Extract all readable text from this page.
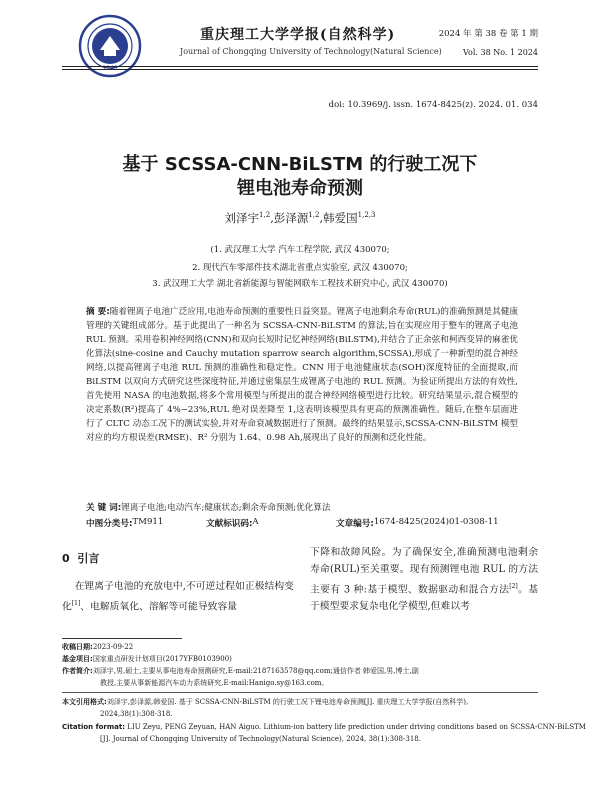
1940
重庆理工大学学报(自然科学)
Journal of Chongqing University of Technology(Natural Science)
2024 年 第 38 卷 第 1 期
Vol. 38 No. 1 2024
doi: 10.3969/j. issn. 1674-8425(z). 2024. 01. 034
基于 SCSSA-CNN-BiLSTM 的行驶工况下
锂电池寿命预测
刘泽宇$^{1,2}$,彭泽源$^{1,2}$,韩爱国$^{1,2,3}$
(1. 武汉理工大学 汽车工程学院, 武汉 430070;
2. 现代汽车零部件技术湖北省重点实验室, 武汉 430070;
3. 武汉理工大学 湖北省新能源与智能网联车工程技术研究中心, 武汉 430070)
摘 要:随着锂离子电池广泛应用,电池寿命预测的重要性日益突显。锂离子电池剩余寿命(RUL)的准确预测是其健康管理的关键组成部分。基于此提出了一种名为 SCSSA-CNN-BiLSTM 的算法,旨在实现应用于整车的锂离子电池 RUL 预测。采用卷积神经网络(CNN)和双向长短时记忆神经网络(BiLSTM),并结合了正余弦和柯西变异的麻雀优化算法(sine-cosine and Cauchy mutation sparrow search algorithm,SCSSA),形成了一种新型的混合神经网络,以提高锂离子电池 RUL 预测的准确性和稳定性。CNN 用于电池健康状态(SOH)深度特征的全面提取,而 BiLSTM 以双向方式研究这些深度特征,并通过密集层生成锂离子电池的 RUL 预测。为验证所提出方法的有效性,首先使用 NASA 的电池数据,将多个常用模型与所提出的混合神经网络模型进行比较。研究结果显示,混合模型的决定系数(R²)提高了 4%~23%,RUL 绝对误差降至 1,这表明该模型具有更高的预测准确性。随后,在整车层面进行了 CLTC 动态工况下的测试实验,并对寿命衰减数据进行了预测。最终的结果显示,SCSSA-CNN-BiLSTM 模型对应的均方根误差(RMSE)、R² 分别为 1.64、0.98 Ah,展现出了良好的预测和泛化性能。
关 键 词:锂离子电池;电动汽车;健康状态;剩余寿命预测;优化算法
中图分类号: TM911	文献标识码: A	文章编号: 1674-8425(2024)01-0308-11
0 引言
在锂离子电池的充放电中,不可逆过程如正极结构变化[1]、电解质氧化、溶解等可能导致容量
下降和故障风险。为了确保安全,准确预测电池剩余寿命(RUL)至关重要。现有预测锂电池 RUL 的方法主要有 3 种:基于模型、数据驱动和混合方法[2]。基于模型要求复杂电化学模型,但难以考
收稿日期:2023-09-22
基金项目:国家重点研发计划项目(2017YFB0103900)
作者简介:刘泽宇,男,硕士,主要从事电池寿命预测研究,E-mail:2187163578@qq.com;通信作者 韩爱国,男,博士,副
教授,主要从事新能源汽车动力系统研究,E-mail:Hanigo.sy@163.com。
本文引用格式:刘泽宇,彭泽源,韩爱国. 基于 SCSSA-CNN-BiLSTM 的行驶工况下锂电池寿命预测[J]. 重庆理工大学学报(自然科学),
2024,38(1):308-318.
Citation format: LIU Zeyu, PENG Zeyuan, HAN Aiguo. Lithium-ion battery life prediction under driving conditions based on SCSSA-CNN-BiLSTM
[J]. Journal of Chongqing University of Technology(Natural Science), 2024, 38(1):308-318.
